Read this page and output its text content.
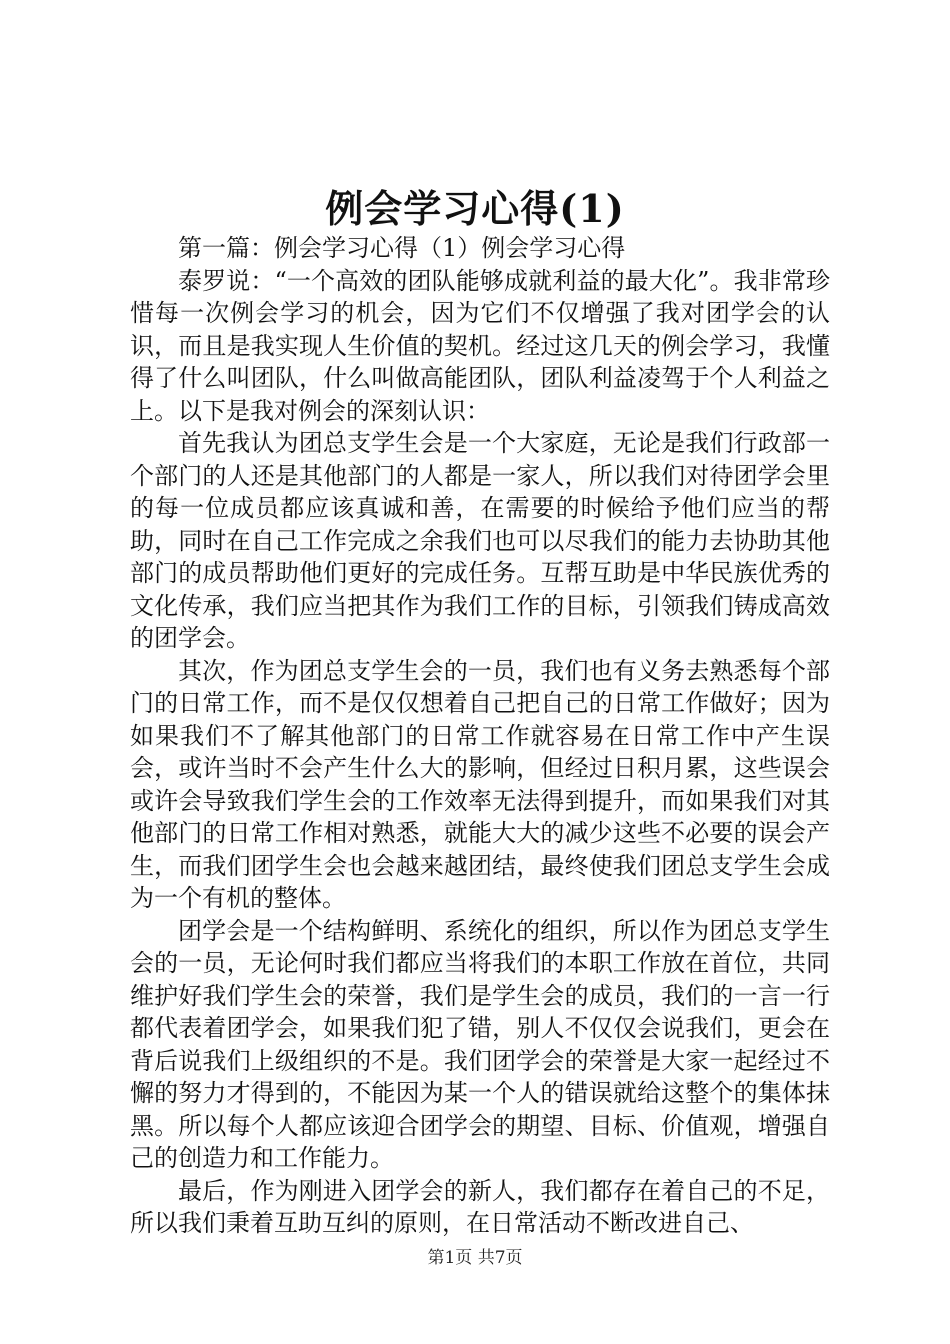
例会学习心得(1)

第一篇：例会学习心得（1）例会学习心得

泰罗说：“一个高效的团队能够成就利益的最大化”。我非常珍惜每一次例会学习的机会，因为它们不仅增强了我对团学会的认识，而且是我实现人生价值的契机。经过这几天的例会学习，我懂得了什么叫团队，什么叫做高能团队，团队利益凌驾于个人利益之上。以下是我对例会的深刻认识：

首先我认为团总支学生会是一个大家庭，无论是我们行政部一个部门的人还是其他部门的人都是一家人，所以我们对待团学会里的每一位成员都应该真诚和善，在需要的时候给予他们应当的帮助，同时在自己工作完成之余我们也可以尽我们的能力去协助其他部门的成员帮助他们更好的完成任务。互帮互助是中华民族优秀的文化传承，我们应当把其作为我们工作的目标，引领我们铸成高效的团学会。

其次，作为团总支学生会的一员，我们也有义务去熟悉每个部门的日常工作，而不是仅仅想着自己把自己的日常工作做好；因为如果我们不了解其他部门的日常工作就容易在日常工作中产生误会，或许当时不会产生什么大的影响，但经过日积月累，这些误会或许会导致我们学生会的工作效率无法得到提升，而如果我们对其他部门的日常工作相对熟悉，就能大大的减少这些不必要的误会产生，而我们团学生会也会越来越团结，最终使我们团总支学生会成为一个有机的整体。

团学会是一个结构鲜明、系统化的组织，所以作为团总支学生会的一员，无论何时我们都应当将我们的本职工作放在首位，共同维护好我们学生会的荣誉，我们是学生会的成员，我们的一言一行都代表着团学会，如果我们犯了错，别人不仅仅会说我们，更会在背后说我们上级组织的不是。我们团学会的荣誉是大家一起经过不懈的努力才得到的，不能因为某一个人的错误就给这整个的集体抹黑。所以每个人都应该迎合团学会的期望、目标、价值观，增强自己的创造力和工作能力。

最后，作为刚进入团学会的新人，我们都存在着自己的不足，所以我们秉着互助互纠的原则，在日常活动不断改进自己、

第1页 共7页
